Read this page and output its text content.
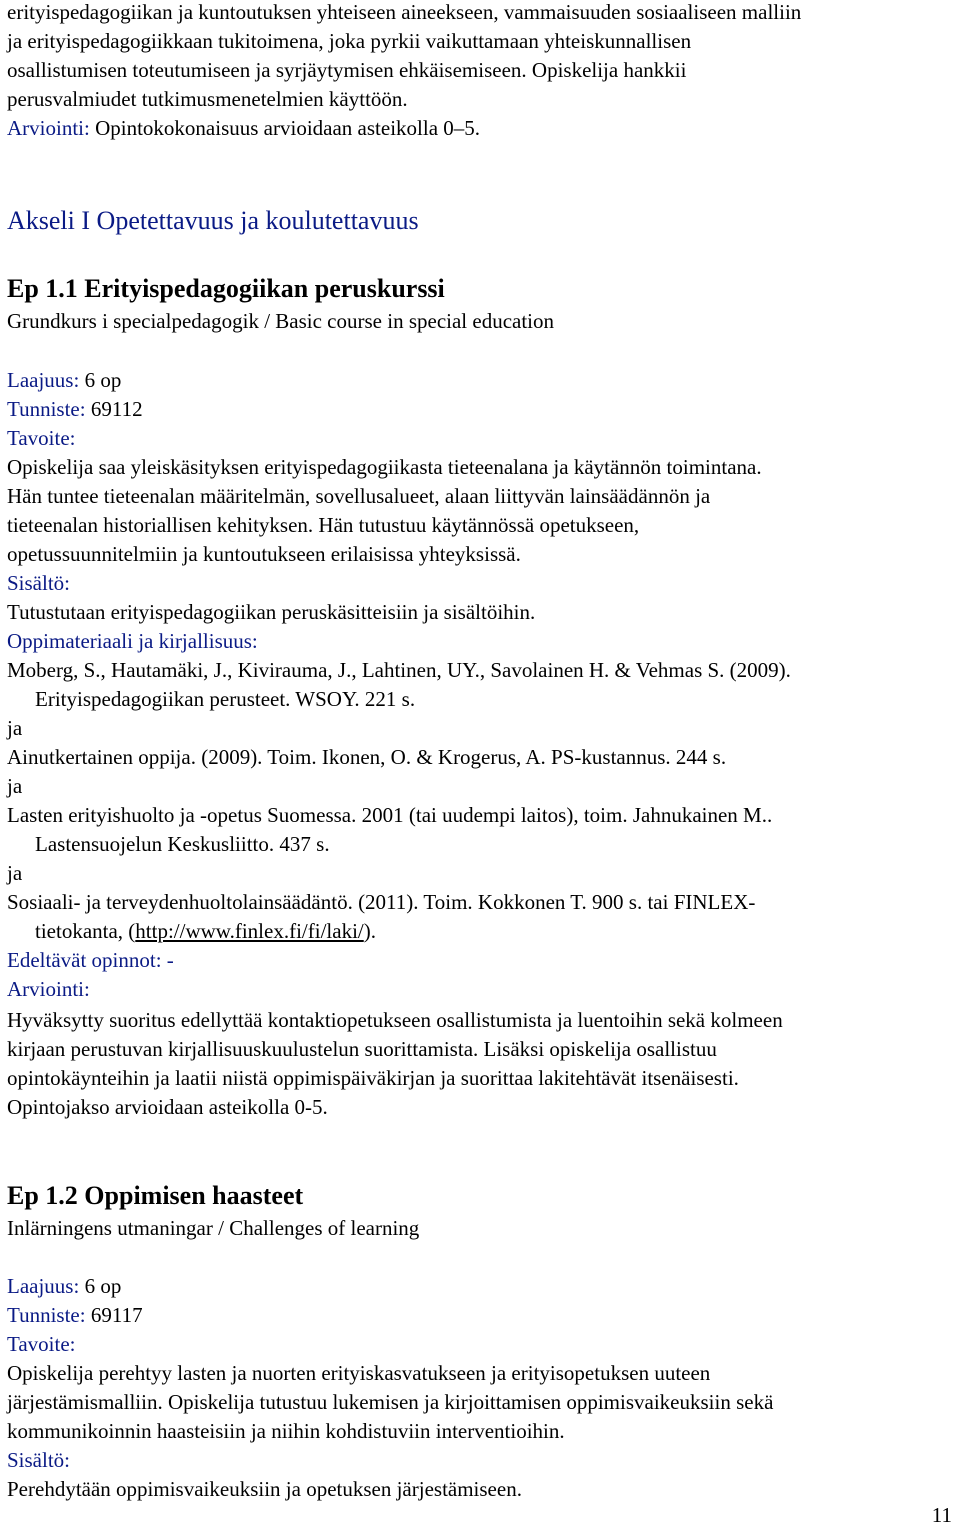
erityispedagogiikan ja kuntoutuksen yhteiseen aineekseen, vammaisuuden sosiaaliseen malliin
ja erityispedagogiikkaan tukitoimena, joka pyrkii vaikuttamaan yhteiskunnallisen
osallistumisen toteutumiseen ja syrjäytymisen ehkäisemiseen. Opiskelija hankkii
perusvalmiudet tutkimusmenetelmien käyttöön.
Arviointi: Opintokokonaisuus arvioidaan asteikolla 0–5.
Akseli I Opetettavuus ja koulutettavuus
Ep 1.1 Erityispedagogiikan peruskurssi
Grundkurs i specialpedagogik / Basic course in special education
Laajuus: 6 op
Tunniste: 69112
Tavoite:
Opiskelija saa yleiskäsityksen erityispedagogiikasta tieteenalana ja käytännön toimintana.
Hän tuntee tieteenalan määritelmän, sovellusalueet, alaan liittyvän lainsäädännön ja
tieteenalan historiallisen kehityksen. Hän tutustuu käytännössä opetukseen,
opetussuunnitelmiin ja kuntoutukseen erilaisissa yhteyksissä.
Sisältö:
Tutustutaan erityispedagogiikan peruskäsitteisiin ja sisältöihin.
Oppimateriaali ja kirjallisuus:
Moberg, S., Hautamäki, J., Kivirauma, J., Lahtinen, UY., Savolainen H. & Vehmas S. (2009).
Erityispedagogiikan perusteet. WSOY. 221 s.
ja
Ainutkertainen oppija. (2009). Toim. Ikonen, O. & Krogerus, A. PS-kustannus. 244 s.
ja
Lasten erityishuolto ja -opetus Suomessa. 2001 (tai uudempi laitos), toim. Jahnukainen M..
Lastensuojelun Keskusliitto. 437 s.
ja
Sosiaali- ja terveydenhuoltolainsäädäntö. (2011). Toim. Kokkonen T. 900 s. tai FINLEX-
tietokanta, (http://www.finlex.fi/fi/laki/).
Edeltävät opinnot: -
Arviointi:
Hyväksytty suoritus edellyttää kontaktiopetukseen osallistumista ja luentoihin sekä kolmeen
kirjaan perustuvan kirjallisuuskuulustelun suorittamista. Lisäksi opiskelija osallistuu
opintokäynteihin ja laatii niistä oppimispäiväkirjan ja suorittaa lakitehtävät itsenäisesti.
Opintojakso arvioidaan asteikolla 0-5.
Ep 1.2 Oppimisen haasteet
Inlärningens utmaningar / Challenges of learning
Laajuus: 6 op
Tunniste: 69117
Tavoite:
Opiskelija perehtyy lasten ja nuorten erityiskasvatukseen ja erityisopetuksen uuteen
järjestämismalliin. Opiskelija tutustuu lukemisen ja kirjoittamisen oppimisvaikeuksiin sekä
kommunikoinnin haasteisiin ja niihin kohdistuviin interventioihin.
Sisältö:
Perehdytään oppimisvaikeuksiin ja opetuksen järjestämiseen.
11
